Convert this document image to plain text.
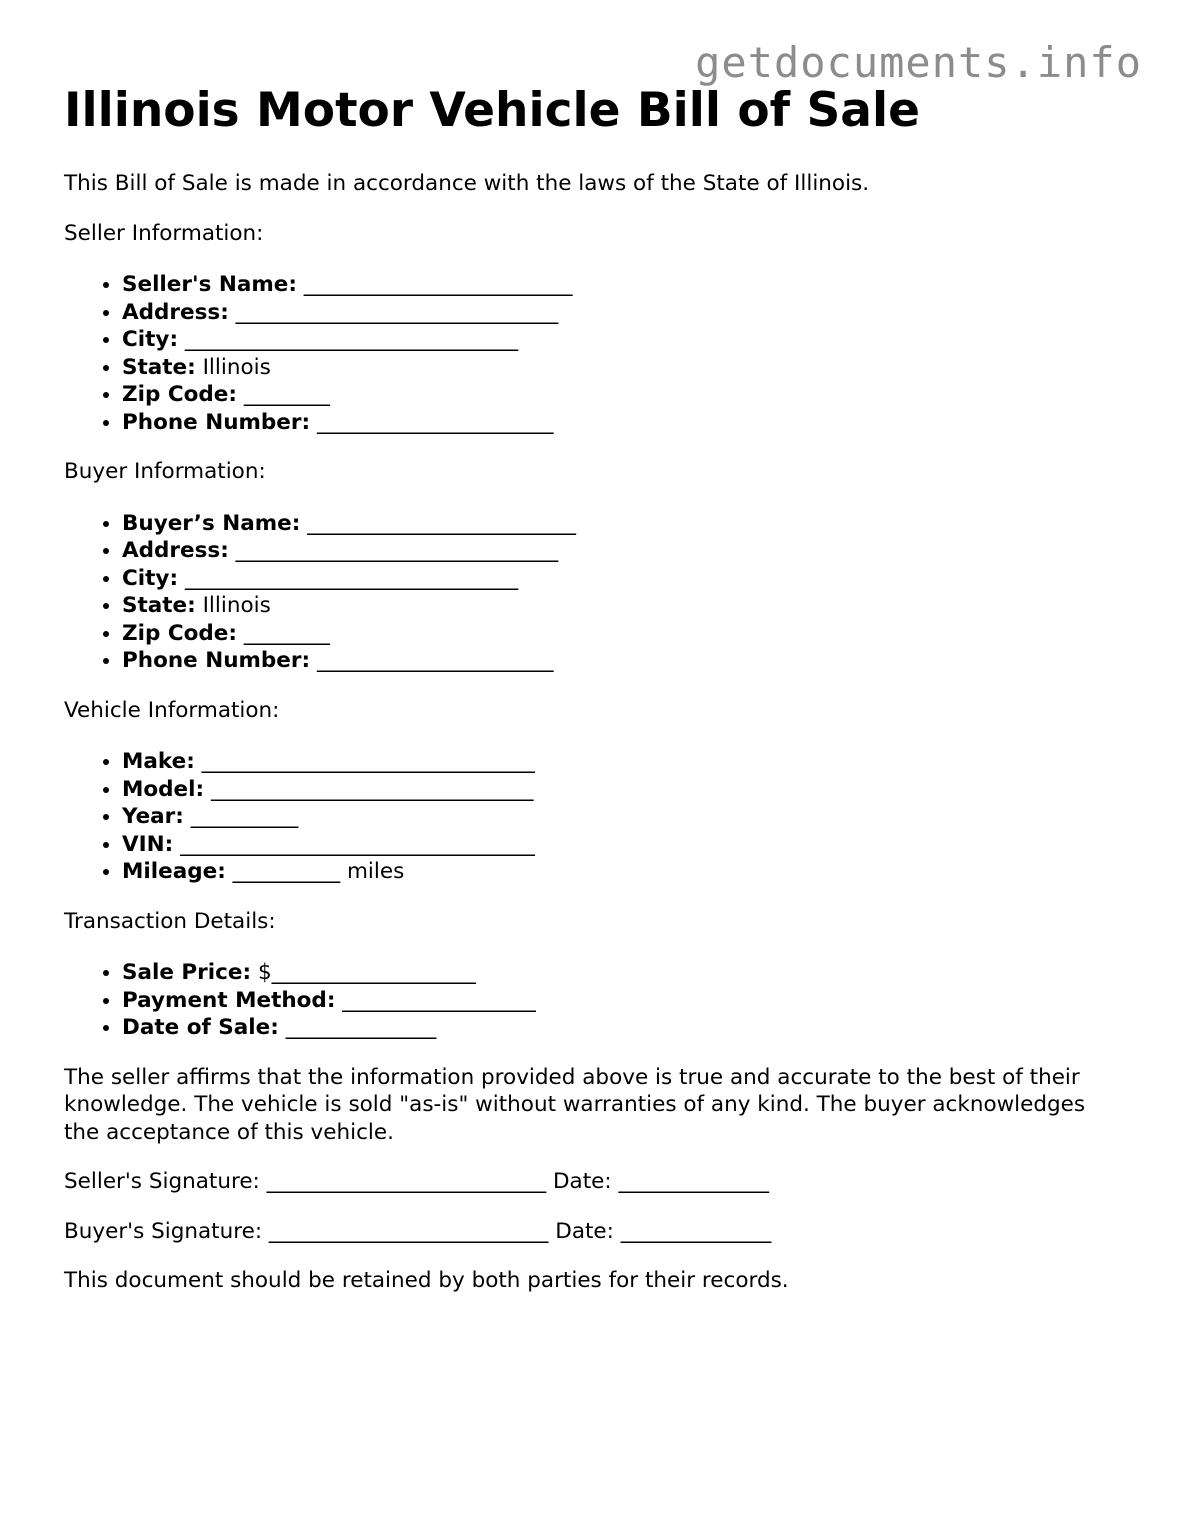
getdocuments.info
Illinois Motor Vehicle Bill of Sale

This Bill of Sale is made in accordance with the laws of the State of Illinois.

Seller Information:

• Seller's Name: _________________________
• Address: ______________________________
• City: _______________________________
• State: Illinois
• Zip Code: ________
• Phone Number: ______________________

Buyer Information:

• Buyer’s Name: _________________________
• Address: ______________________________
• City: _______________________________
• State: Illinois
• Zip Code: ________
• Phone Number: ______________________

Vehicle Information:

• Make: _______________________________
• Model: ______________________________
• Year: __________
• VIN: _________________________________
• Mileage: __________ miles

Transaction Details:

• Sale Price: $___________________
• Payment Method: __________________
• Date of Sale: ______________

The seller affirms that the information provided above is true and accurate to the best of their knowledge. The vehicle is sold "as-is" without warranties of any kind. The buyer acknowledges the acceptance of this vehicle.

Seller's Signature: __________________________ Date: ______________

Buyer's Signature: __________________________ Date: ______________

This document should be retained by both parties for their records.
